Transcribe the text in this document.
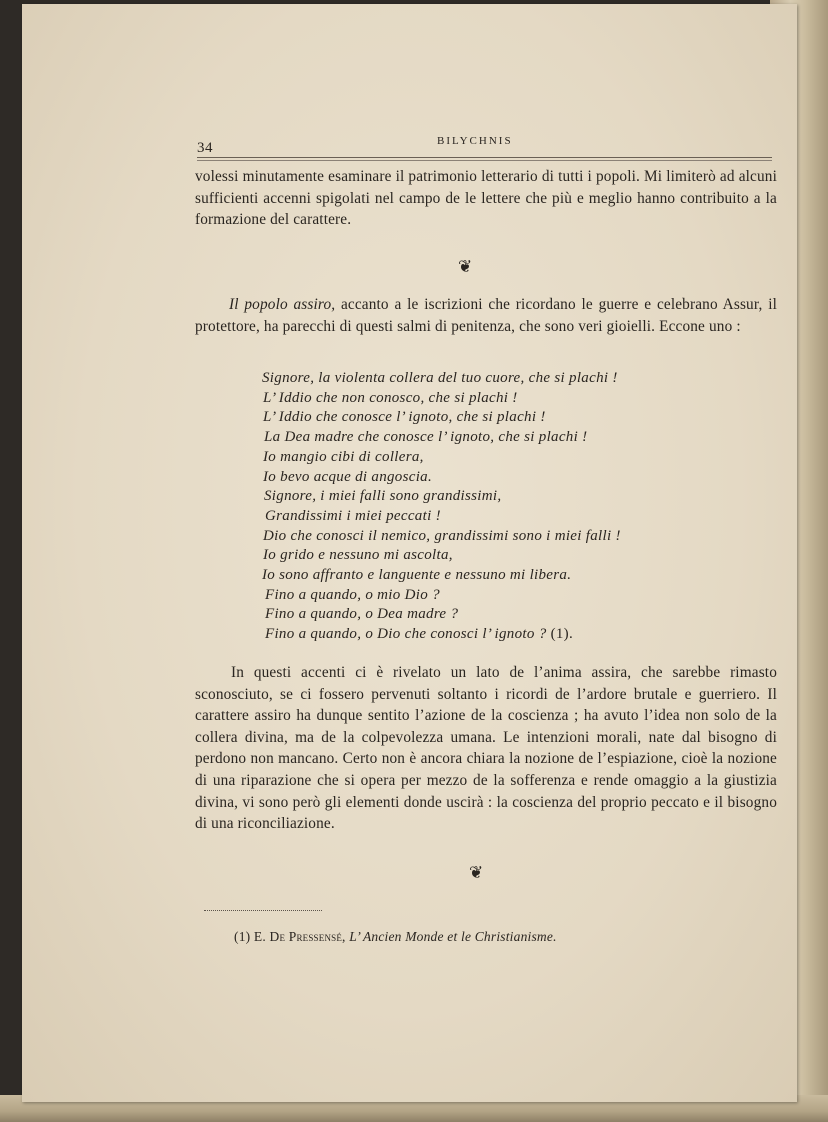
34	BILYCHNIS
volessi minutamente esaminare il patrimonio letterario di tutti i popoli. Mi limiterò ad alcuni sufficienti accenni spigolati nel campo de le lettere che più e meglio hanno contribuito a la formazione del carattere.
❦
Il popolo assiro, accanto a le iscrizioni che ricordano le guerre e celebrano Assur, il protettore, ha parecchi di questi salmi di penitenza, che sono veri gioielli. Eccone uno :
Signore, la violenta collera del tuo cuore, che si plachi !
L’ Iddio che non conosco, che si plachi !
L’ Iddio che conosce l’ ignoto, che si plachi !
La Dea madre che conosce l’ ignoto, che si plachi !
Io mangio cibi di collera,
Io bevo acque di angoscia.
Signore, i miei falli sono grandissimi,
Grandissimi i miei peccati !
Dio che conosci il nemico, grandissimi sono i miei falli !
Io grido e nessuno mi ascolta,
Io sono affranto e languente e nessuno mi libera.
Fino a quando, o mio Dio ?
Fino a quando, o Dea madre ?
Fino a quando, o Dio che conosci l’ ignoto ? (1).
In questi accenti ci è rivelato un lato de l’anima assira, che sarebbe rimasto sconosciuto, se ci fossero pervenuti soltanto i ricordi de l’ardore brutale e guerriero. Il carattere assiro ha dunque sentito l’azione de la coscienza ; ha avuto l’idea non solo de la collera divina, ma de la colpevolezza umana. Le intenzioni morali, nate dal bisogno di perdono non mancano. Certo non è ancora chiara la nozione de l’espiazione, cioè la nozione di una riparazione che si opera per mezzo de la sofferenza e rende omaggio a la giustizia divina, vi sono però gli elementi donde uscirà : la coscienza del proprio peccato e il bisogno di una riconciliazione.
❦
(1) E. De Pressensé, L’ Ancien Monde et le Christianisme.
